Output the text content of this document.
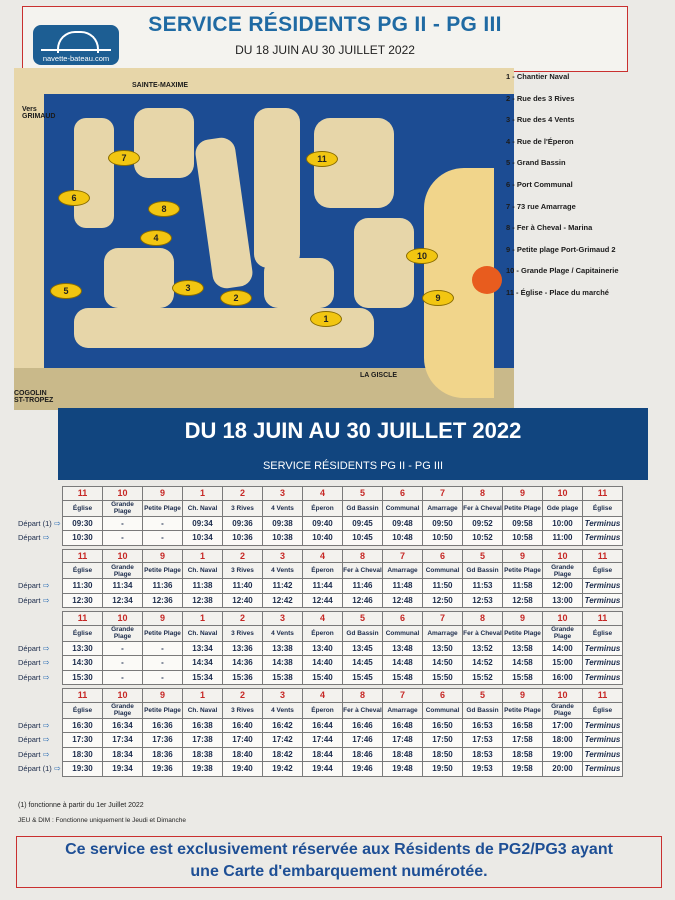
navette-bateau.com
SERVICE RÉSIDENTS PG II - PG III
DU 18 JUIN AU 30 JUILLET 2022
SAINTE-MAXIME
Vers GRIMAUD
COGOLIN ST-TROPEZ
LA GISCLE
1
2
3
4
5
6
7
8
9
10
11
1 - Chantier Naval
2 - Rue des 3 Rives
3 - Rue des 4 Vents
4 - Rue de l'Éperon
5 - Grand Bassin
6 - Port Communal
7 - 73 rue Amarrage
8 - Fer à Cheval - Marina
9 - Petite plage Port-Grimaud 2
10 - Grande Plage / Capitainerie
11 - Église - Place du marché
DU 18 JUIN AU 30 JUILLET 2022
SERVICE RÉSIDENTS PG II - PG III
	11	10	9	1	2	3	4	5	6	7	8	9	10	11
	Église	Grande Plage	Petite Plage	Ch. Naval	3 Rives	4 Vents	Éperon	Gd Bassin	Communal	Amarrage	Fer à Cheval	Petite Plage	Gde plage	Église
Départ (1) ⇨	09:30	-	-	09:34	09:36	09:38	09:40	09:45	09:48	09:50	09:52	09:58	10:00	Terminus
Départ ⇨	10:30	-	-	10:34	10:36	10:38	10:40	10:45	10:48	10:50	10:52	10:58	11:00	Terminus
	11	10	9	1	2	3	4	8	7	6	5	9	10	11
	Église	Grande Plage	Petite Plage	Ch. Naval	3 Rives	4 Vents	Éperon	Fer à Cheval	Amarrage	Communal	Gd Bassin	Petite Plage	Grande Plage	Église
Départ ⇨	11:30	11:34	11:36	11:38	11:40	11:42	11:44	11:46	11:48	11:50	11:53	11:58	12:00	Terminus
Départ ⇨	12:30	12:34	12:36	12:38	12:40	12:42	12:44	12:46	12:48	12:50	12:53	12:58	13:00	Terminus
	11	10	9	1	2	3	4	5	6	7	8	9	10	11
	Église	Grande Plage	Petite Plage	Ch. Naval	3 Rives	4 Vents	Éperon	Gd Bassin	Communal	Amarrage	Fer à Cheval	Petite Plage	Grande Plage	Église
Départ ⇨	13:30	-	-	13:34	13:36	13:38	13:40	13:45	13:48	13:50	13:52	13:58	14:00	Terminus
Départ ⇨	14:30	-	-	14:34	14:36	14:38	14:40	14:45	14:48	14:50	14:52	14:58	15:00	Terminus
Départ ⇨	15:30	-	-	15:34	15:36	15:38	15:40	15:45	15:48	15:50	15:52	15:58	16:00	Terminus
	11	10	9	1	2	3	4	8	7	6	5	9	10	11
	Église	Grande Plage	Petite Plage	Ch. Naval	3 Rives	4 Vents	Éperon	Fer à Cheval	Amarrage	Communal	Gd Bassin	Petite Plage	Grande Plage	Église
Départ ⇨	16:30	16:34	16:36	16:38	16:40	16:42	16:44	16:46	16:48	16:50	16:53	16:58	17:00	Terminus
Départ ⇨	17:30	17:34	17:36	17:38	17:40	17:42	17:44	17:46	17:48	17:50	17:53	17:58	18:00	Terminus
Départ ⇨	18:30	18:34	18:36	18:38	18:40	18:42	18:44	18:46	18:48	18:50	18:53	18:58	19:00	Terminus
Départ (1) ⇨	19:30	19:34	19:36	19:38	19:40	19:42	19:44	19:46	19:48	19:50	19:53	19:58	20:00	Terminus
(1) fonctionne à partir du 1er Juillet 2022
JEU & DIM : Fonctionne uniquement le Jeudi et Dimanche
Ce service est exclusivement réservée aux Résidents de PG2/PG3 ayant
une Carte d'embarquement numérotée.
